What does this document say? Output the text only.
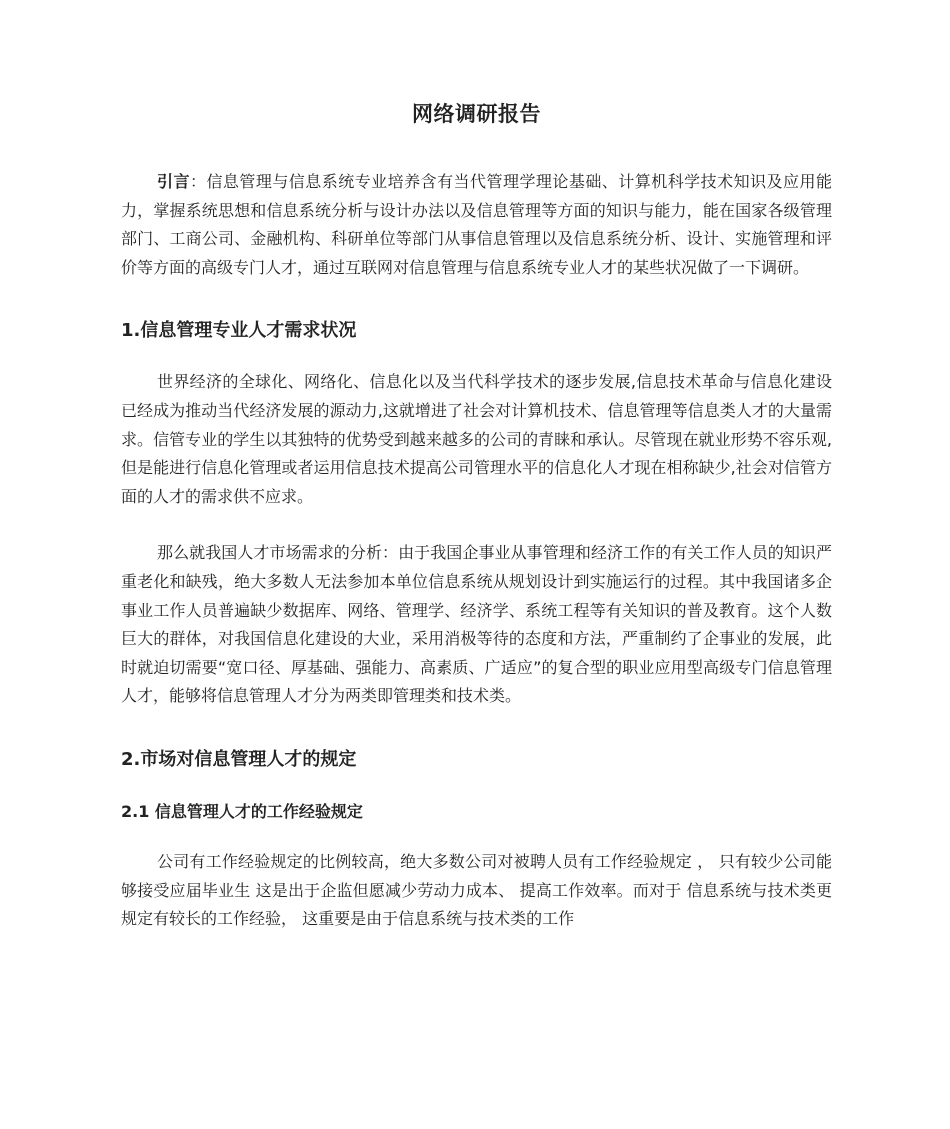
网络调研报告

引言：信息管理与信息系统专业培养含有当代管理学理论基础、计算机科学技术知识及应用能力，掌握系统思想和信息系统分析与设计办法以及信息管理等方面的知识与能力，能在国家各级管理部门、工商公司、金融机构、科研单位等部门从事信息管理以及信息系统分析、设计、实施管理和评价等方面的高级专门人才，通过互联网对信息管理与信息系统专业人才的某些状况做了一下调研。

1.信息管理专业人才需求状况

世界经济的全球化、网络化、信息化以及当代科学技术的逐步发展,信息技术革命与信息化建设已经成为推动当代经济发展的源动力,这就增进了社会对计算机技术、信息管理等信息类人才的大量需求。信管专业的学生以其独特的优势受到越来越多的公司的青睐和承认。尽管现在就业形势不容乐观,但是能进行信息化管理或者运用信息技术提高公司管理水平的信息化人才现在相称缺少,社会对信管方面的人才的需求供不应求。

那么就我国人才市场需求的分析：由于我国企事业从事管理和经济工作的有关工作人员的知识严重老化和缺残，绝大多数人无法参加本单位信息系统从规划设计到实施运行的过程。其中我国诸多企事业工作人员普遍缺少数据库、网络、管理学、经济学、系统工程等有关知识的普及教育。这个人数巨大的群体，对我国信息化建设的大业，采用消极等待的态度和方法，严重制约了企事业的发展，此时就迫切需要“宽口径、厚基础、强能力、高素质、广适应”的复合型的职业应用型高级专门信息管理人才，能够将信息管理人才分为两类即管理类和技术类。

2.市场对信息管理人才的规定
2.1 信息管理人才的工作经验规定

公司有工作经验规定的比例较高，绝大多数公司对被聘人员有工作经验规定 ， 只有较少公司能够接受应届毕业生 这是出于企监但愿减少劳动力成本、 提高工作效率。而对于 信息系统与技术类更规定有较长的工作经验， 这重要是由于信息系统与技术类的工作
